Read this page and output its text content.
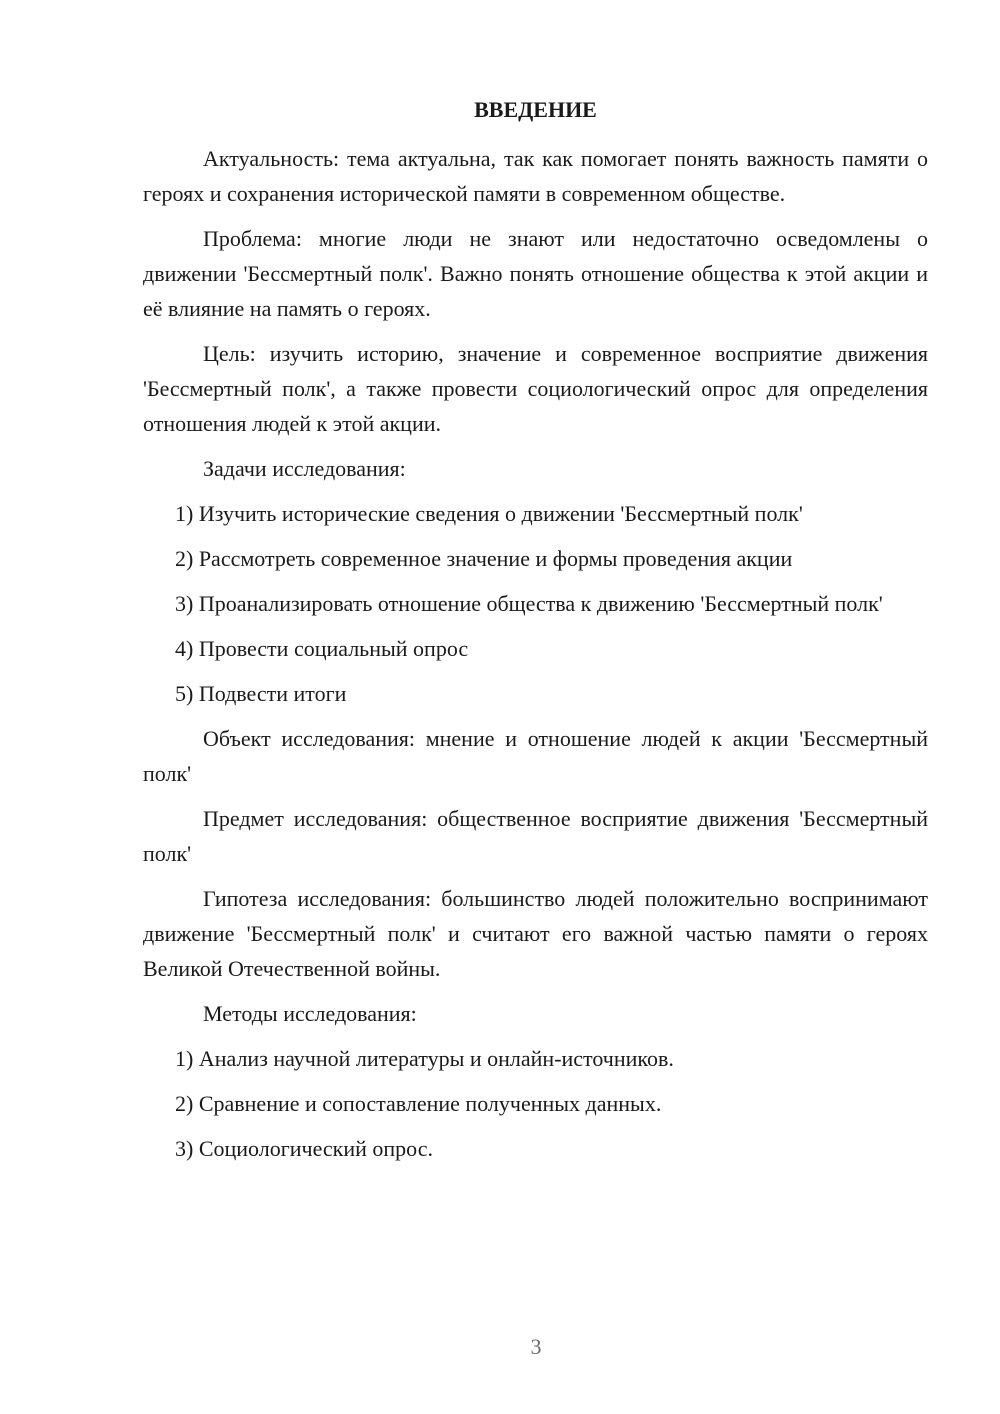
ВВЕДЕНИЕ

Актуальность: тема актуальна, так как помогает понять важность памяти о героях и сохранения исторической памяти в современном обществе.

Проблема: многие люди не знают или недостаточно осведомлены о движении 'Бессмертный полк'. Важно понять отношение общества к этой акции и её влияние на память о героях.

Цель: изучить историю, значение и современное восприятие движения 'Бессмертный полк', а также провести социологический опрос для определения отношения людей к этой акции.

Задачи исследования:

1) Изучить исторические сведения о движении 'Бессмертный полк'

2) Рассмотреть современное значение и формы проведения акции

3) Проанализировать отношение общества к движению 'Бессмертный полк'

4) Провести социальный опрос

5) Подвести итоги

Объект исследования: мнение и отношение людей к акции 'Бессмертный полк'

Предмет исследования: общественное восприятие движения 'Бессмертный полк'

Гипотеза исследования: большинство людей положительно воспринимают движение 'Бессмертный полк' и считают его важной частью памяти о героях Великой Отечественной войны.

Методы исследования:

1) Анализ научной литературы и онлайн-источников.

2) Сравнение и сопоставление полученных данных.

3) Социологический опрос.

3
